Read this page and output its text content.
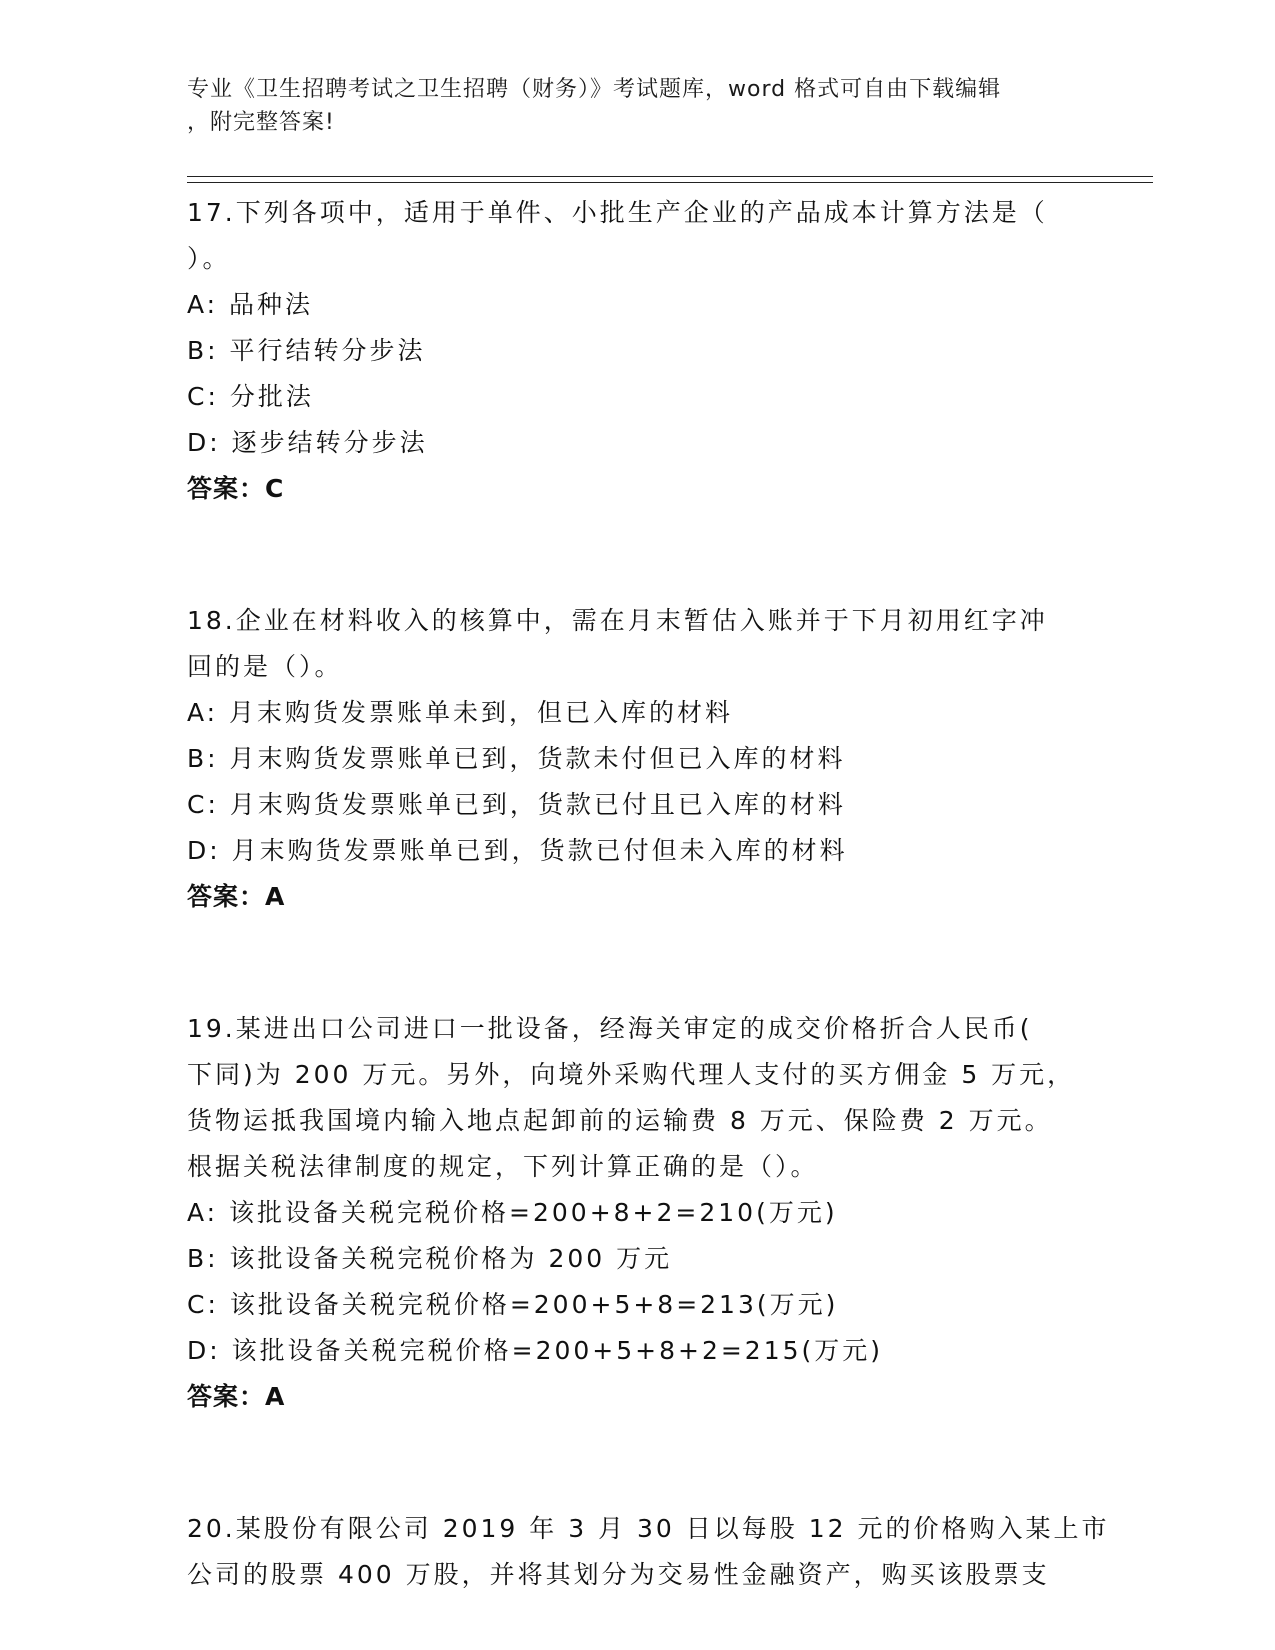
专业《卫生招聘考试之卫生招聘（财务）》考试题库，word 格式可自由下载编辑
，附完整答案!
17.下列各项中，适用于单件、小批生产企业的产品成本计算方法是（
）。
A: 品种法
B: 平行结转分步法
C: 分批法
D: 逐步结转分步法
答案：C
18.企业在材料收入的核算中，需在月末暂估入账并于下月初用红字冲
回的是（）。
A: 月末购货发票账单未到，但已入库的材料
B: 月末购货发票账单已到，货款未付但已入库的材料
C: 月末购货发票账单已到，货款已付且已入库的材料
D: 月末购货发票账单已到，货款已付但未入库的材料
答案：A
19.某进出口公司进口一批设备，经海关审定的成交价格折合人民币(
下同)为 200 万元。另外，向境外采购代理人支付的买方佣金 5 万元，
货物运抵我国境内输入地点起卸前的运输费 8 万元、保险费 2 万元。
根据关税法律制度的规定，下列计算正确的是（）。
A: 该批设备关税完税价格=200+8+2=210(万元)
B: 该批设备关税完税价格为 200 万元
C: 该批设备关税完税价格=200+5+8=213(万元)
D: 该批设备关税完税价格=200+5+8+2=215(万元)
答案：A
20.某股份有限公司 2019 年 3 月 30 日以每股 12 元的价格购入某上市
公司的股票 400 万股，并将其划分为交易性金融资产，购买该股票支
